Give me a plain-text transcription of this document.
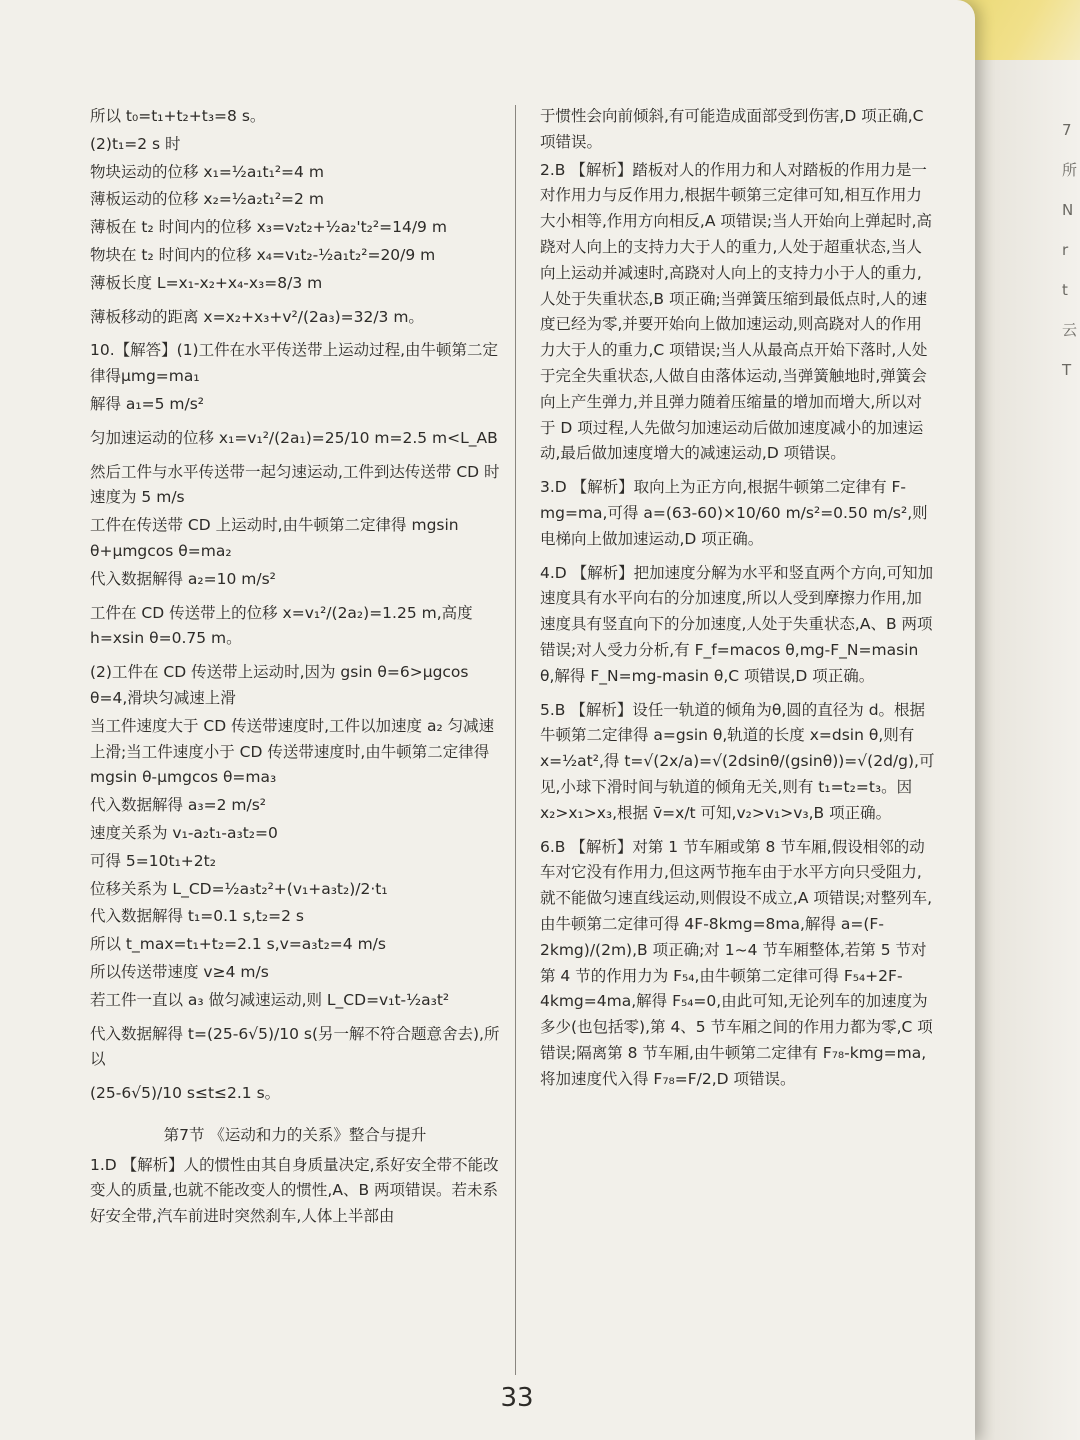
所以 t₀=t₁+t₂+t₃=8 s。

(2)t₁=2 s 时

物块运动的位移 x₁=½a₁t₁²=4 m

薄板运动的位移 x₂=½a₂t₁²=2 m

薄板在 t₂ 时间内的位移 x₃=v₂t₂+½a₂'t₂²=14/9 m

物块在 t₂ 时间内的位移 x₄=v₁t₂-½a₁t₂²=20/9 m

薄板长度 L=x₁-x₂+x₄-x₃=8/3 m

薄板移动的距离 x=x₂+x₃+v²/(2a₃)=32/3 m。

10.【解答】(1)工件在水平传送带上运动过程,由牛顿第二定律得μmg=ma₁

解得 a₁=5 m/s²

匀加速运动的位移 x₁=v₁²/(2a₁)=25/10 m=2.5 m<L_AB

然后工件与水平传送带一起匀速运动,工件到达传送带 CD 时速度为 5 m/s

工件在传送带 CD 上运动时,由牛顿第二定律得 mgsin θ+μmgcos θ=ma₂

代入数据解得 a₂=10 m/s²

工件在 CD 传送带上的位移 x=v₁²/(2a₂)=1.25 m,高度 h=xsin θ=0.75 m。

(2)工件在 CD 传送带上运动时,因为 gsin θ=6>μgcos θ=4,滑块匀减速上滑

当工件速度大于 CD 传送带速度时,工件以加速度 a₂ 匀减速上滑;当工件速度小于 CD 传送带速度时,由牛顿第二定律得 mgsin θ-μmgcos θ=ma₃

代入数据解得 a₃=2 m/s²

速度关系为 v₁-a₂t₁-a₃t₂=0

可得 5=10t₁+2t₂

位移关系为 L_CD=½a₃t₂²+(v₁+a₃t₂)/2·t₁

代入数据解得 t₁=0.1 s,t₂=2 s

所以 t_max=t₁+t₂=2.1 s,v=a₃t₂=4 m/s

所以传送带速度 v≥4 m/s

若工件一直以 a₃ 做匀减速运动,则 L_CD=v₁t-½a₃t²

代入数据解得 t=(25-6√5)/10 s(另一解不符合题意舍去),所以

(25-6√5)/10 s≤t≤2.1 s。

第7节 《运动和力的关系》整合与提升

1.D 【解析】人的惯性由其自身质量决定,系好安全带不能改变人的质量,也就不能改变人的惯性,A、B 两项错误。若未系好安全带,汽车前进时突然刹车,人体上半部由

于惯性会向前倾斜,有可能造成面部受到伤害,D 项正确,C 项错误。

2.B 【解析】踏板对人的作用力和人对踏板的作用力是一对作用力与反作用力,根据牛顿第三定律可知,相互作用力大小相等,作用方向相反,A 项错误;当人开始向上弹起时,高跷对人向上的支持力大于人的重力,人处于超重状态,当人向上运动并减速时,高跷对人向上的支持力小于人的重力,人处于失重状态,B 项正确;当弹簧压缩到最低点时,人的速度已经为零,并要开始向上做加速运动,则高跷对人的作用力大于人的重力,C 项错误;当人从最高点开始下落时,人处于完全失重状态,人做自由落体运动,当弹簧触地时,弹簧会向上产生弹力,并且弹力随着压缩量的增加而增大,所以对于 D 项过程,人先做匀加速运动后做加速度减小的加速运动,最后做加速度增大的减速运动,D 项错误。

3.D 【解析】取向上为正方向,根据牛顿第二定律有 F-mg=ma,可得 a=(63-60)×10/60 m/s²=0.50 m/s²,则电梯向上做加速运动,D 项正确。

4.D 【解析】把加速度分解为水平和竖直两个方向,可知加速度具有水平向右的分加速度,所以人受到摩擦力作用,加速度具有竖直向下的分加速度,人处于失重状态,A、B 两项错误;对人受力分析,有 F_f=macos θ,mg-F_N=masin θ,解得 F_N=mg-masin θ,C 项错误,D 项正确。

5.B 【解析】设任一轨道的倾角为θ,圆的直径为 d。根据牛顿第二定律得 a=gsin θ,轨道的长度 x=dsin θ,则有 x=½at²,得 t=√(2x/a)=√(2dsinθ/(gsinθ))=√(2d/g),可见,小球下滑时间与轨道的倾角无关,则有 t₁=t₂=t₃。因 x₂>x₁>x₃,根据 v̄=x/t 可知,v₂>v₁>v₃,B 项正确。

6.B 【解析】对第 1 节车厢或第 8 节车厢,假设相邻的动车对它没有作用力,但这两节拖车由于水平方向只受阻力,就不能做匀速直线运动,则假设不成立,A 项错误;对整列车,由牛顿第二定律可得 4F-8kmg=8ma,解得 a=(F-2kmg)/(2m),B 项正确;对 1~4 节车厢整体,若第 5 节对第 4 节的作用力为 F₅₄,由牛顿第二定律可得 F₅₄+2F-4kmg=4ma,解得 F₅₄=0,由此可知,无论列车的加速度为多少(也包括零),第 4、5 节车厢之间的作用力都为零,C 项错误;隔离第 8 节车厢,由牛顿第二定律有 F₇₈-kmg=ma,将加速度代入得 F₇₈=F/2,D 项错误。

33
7
所
N
r
t
云
T
